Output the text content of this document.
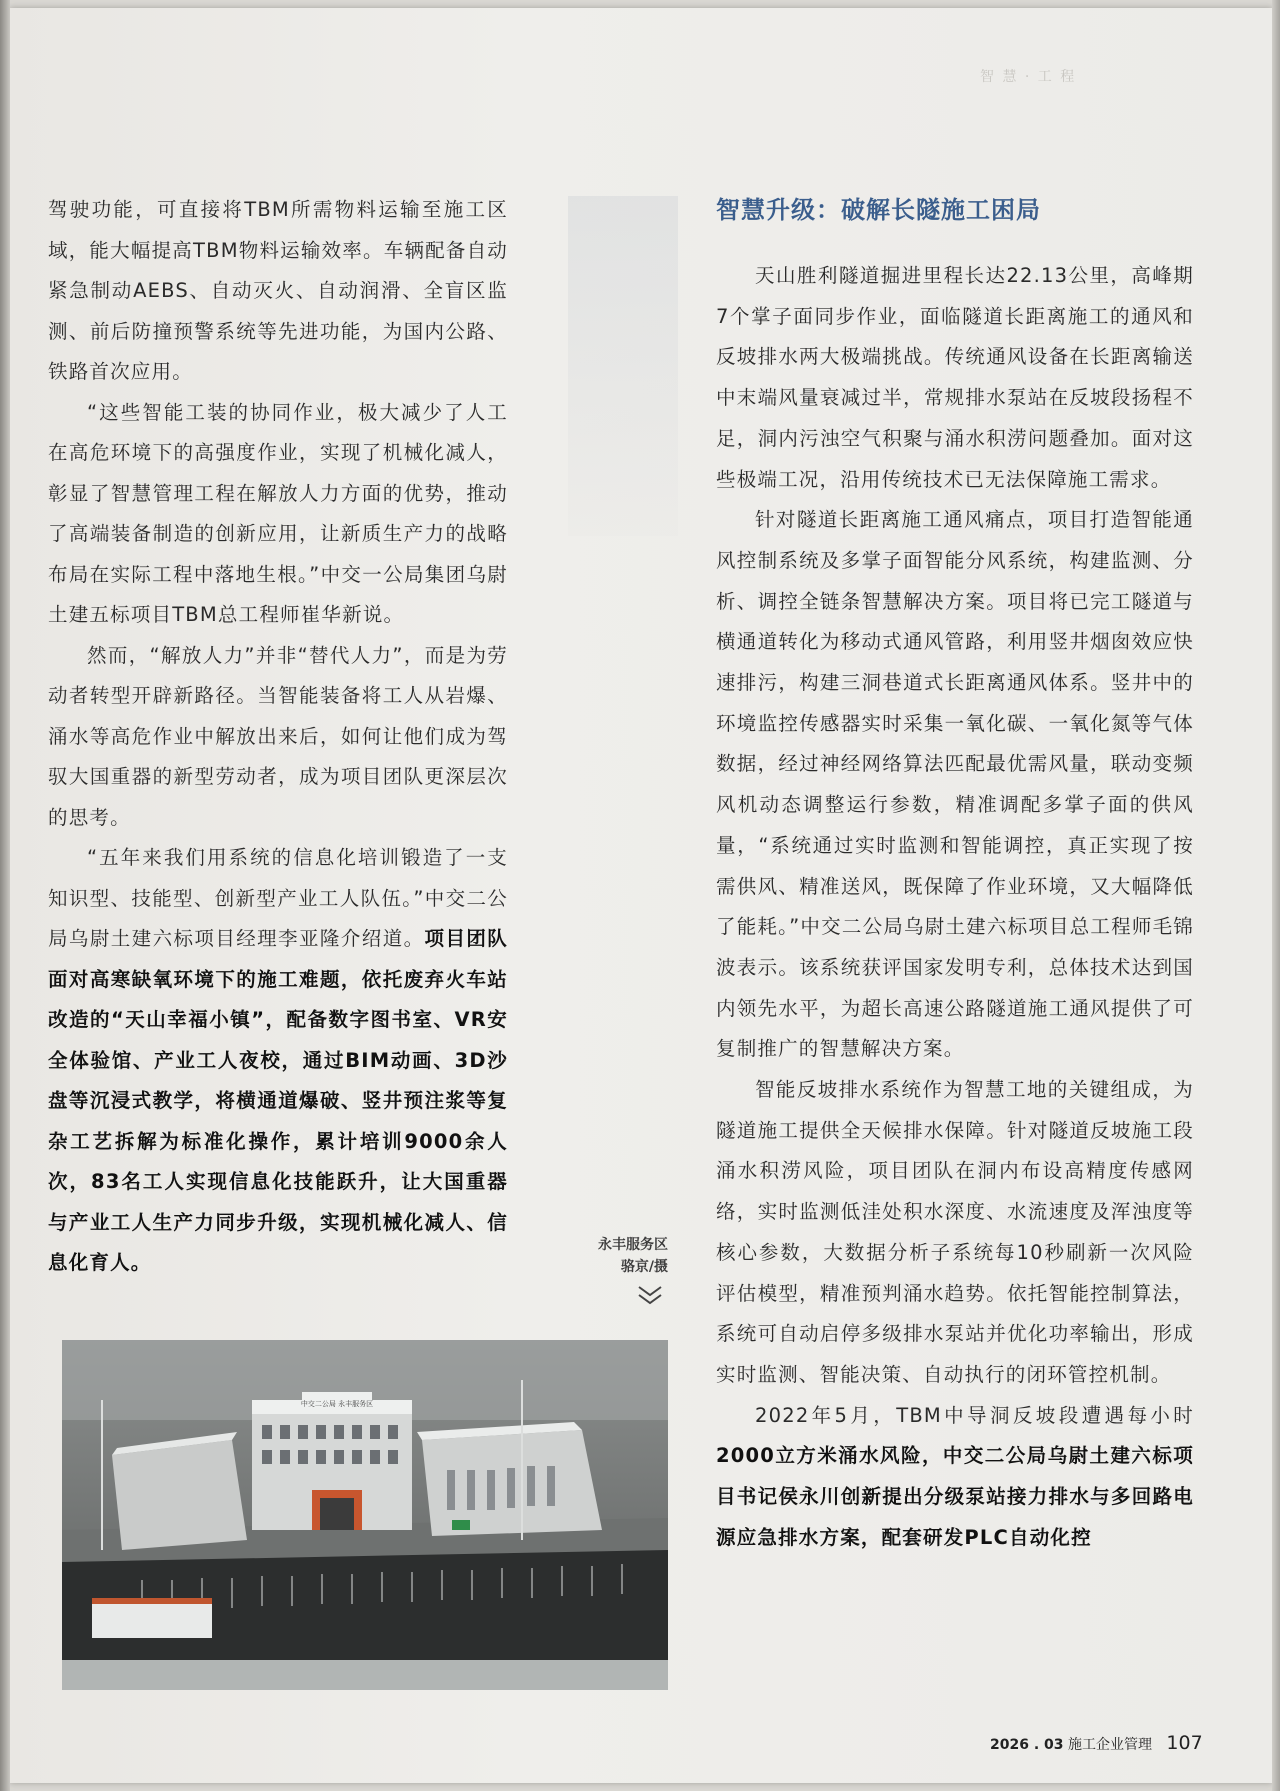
智 慧 · 工 程

驾驶功能，可直接将TBM所需物料运输至施工区域，能大幅提高TBM物料运输效率。车辆配备自动紧急制动AEBS、自动灭火、自动润滑、全盲区监测、前后防撞预警系统等先进功能，为国内公路、铁路首次应用。

“这些智能工装的协同作业，极大减少了人工在高危环境下的高强度作业，实现了机械化减人，彰显了智慧管理工程在解放人力方面的优势，推动了高端装备制造的创新应用，让新质生产力的战略布局在实际工程中落地生根。”中交一公局集团乌尉土建五标项目TBM总工程师崔华新说。

然而，“解放人力”并非“替代人力”，而是为劳动者转型开辟新路径。当智能装备将工人从岩爆、涌水等高危作业中解放出来后，如何让他们成为驾驭大国重器的新型劳动者，成为项目团队更深层次的思考。

“五年来我们用系统的信息化培训锻造了一支知识型、技能型、创新型产业工人队伍。”中交二公局乌尉土建六标项目经理李亚隆介绍道。项目团队面对高寒缺氧环境下的施工难题，依托废弃火车站改造的“天山幸福小镇”，配备数字图书室、VR安全体验馆、产业工人夜校，通过BIM动画、3D沙盘等沉浸式教学，将横通道爆破、竖井预注浆等复杂工艺拆解为标准化操作，累计培训9000余人次，83名工人实现信息化技能跃升，让大国重器与产业工人生产力同步升级，实现机械化减人、信息化育人。

智慧升级：破解长隧施工困局

天山胜利隧道掘进里程长达22.13公里，高峰期7个掌子面同步作业，面临隧道长距离施工的通风和反坡排水两大极端挑战。传统通风设备在长距离输送中末端风量衰减过半，常规排水泵站在反坡段扬程不足，洞内污浊空气积聚与涌水积涝问题叠加。面对这些极端工况，沿用传统技术已无法保障施工需求。

针对隧道长距离施工通风痛点，项目打造智能通风控制系统及多掌子面智能分风系统，构建监测、分析、调控全链条智慧解决方案。项目将已完工隧道与横通道转化为移动式通风管路，利用竖井烟囱效应快速排污，构建三洞巷道式长距离通风体系。竖井中的环境监控传感器实时采集一氧化碳、一氧化氮等气体数据，经过神经网络算法匹配最优需风量，联动变频风机动态调整运行参数，精准调配多掌子面的供风量，“系统通过实时监测和智能调控，真正实现了按需供风、精准送风，既保障了作业环境，又大幅降低了能耗。”中交二公局乌尉土建六标项目总工程师毛锦波表示。该系统获评国家发明专利，总体技术达到国内领先水平，为超长高速公路隧道施工通风提供了可复制推广的智慧解决方案。

智能反坡排水系统作为智慧工地的关键组成，为隧道施工提供全天候排水保障。针对隧道反坡施工段涌水积涝风险，项目团队在洞内布设高精度传感网络，实时监测低洼处积水深度、水流速度及浑浊度等核心参数，大数据分析子系统每10秒刷新一次风险评估模型，精准预判涌水趋势。依托智能控制算法，系统可自动启停多级排水泵站并优化功率输出，形成实时监测、智能决策、自动执行的闭环管控机制。

2022年5月，TBM中导洞反坡段遭遇每小时2000立方米涌水风险，中交二公局乌尉土建六标项目书记侯永川创新提出分级泵站接力排水与多回路电源应急排水方案，配套研发PLC自动化控

永丰服务区
骆京/摄
中交二公局 永丰服务区
2026 . 03 施工企业管理 107
